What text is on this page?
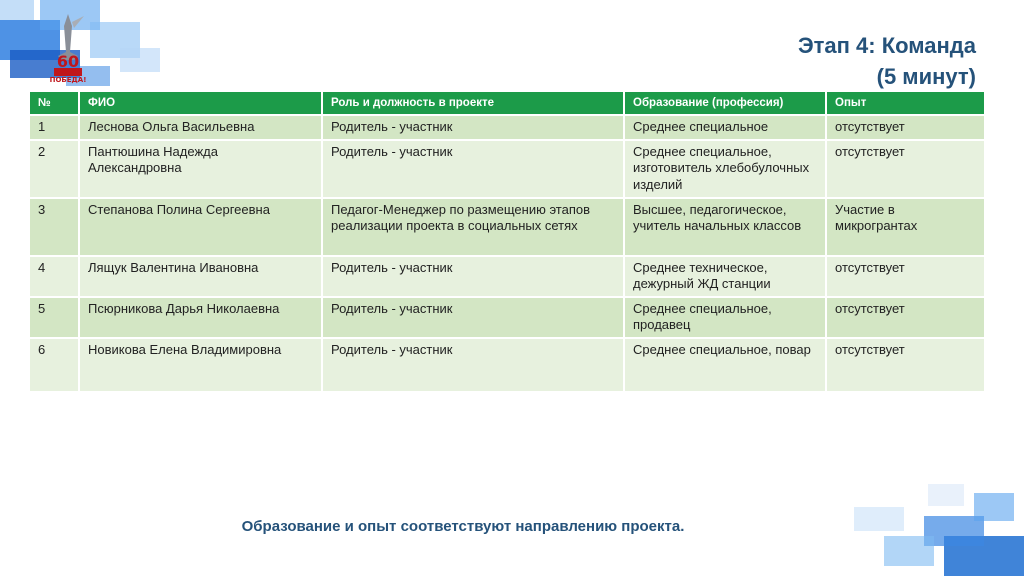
60
ПОБЕДА!
Этап 4: Команда
(5 минут)
№	ФИО	Роль и должность в проекте	Образование (профессия)	Опыт
1	Леснова Ольга Васильевна	Родитель - участник	Среднее специальное	отсутствует
2	Пантюшина Надежда Александровна	Родитель - участник	Среднее специальное, изготовитель хлебобулочных изделий	отсутствует
3	Степанова Полина Сергеевна	Педагог-Менеджер по размещению этапов реализации проекта в социальных сетях	Высшее, педагогическое, учитель начальных классов	Участие в микрогрантах
4	Лящук Валентина Ивановна	Родитель - участник	Среднее техническое, дежурный ЖД станции	отсутствует
5	Псюрникова Дарья Николаевна	Родитель - участник	Среднее специальное, продавец	отсутствует
6	Новикова Елена Владимировна	Родитель - участник	Среднее специальное, повар	отсутствует
Образование и опыт соответствуют направлению проекта.
